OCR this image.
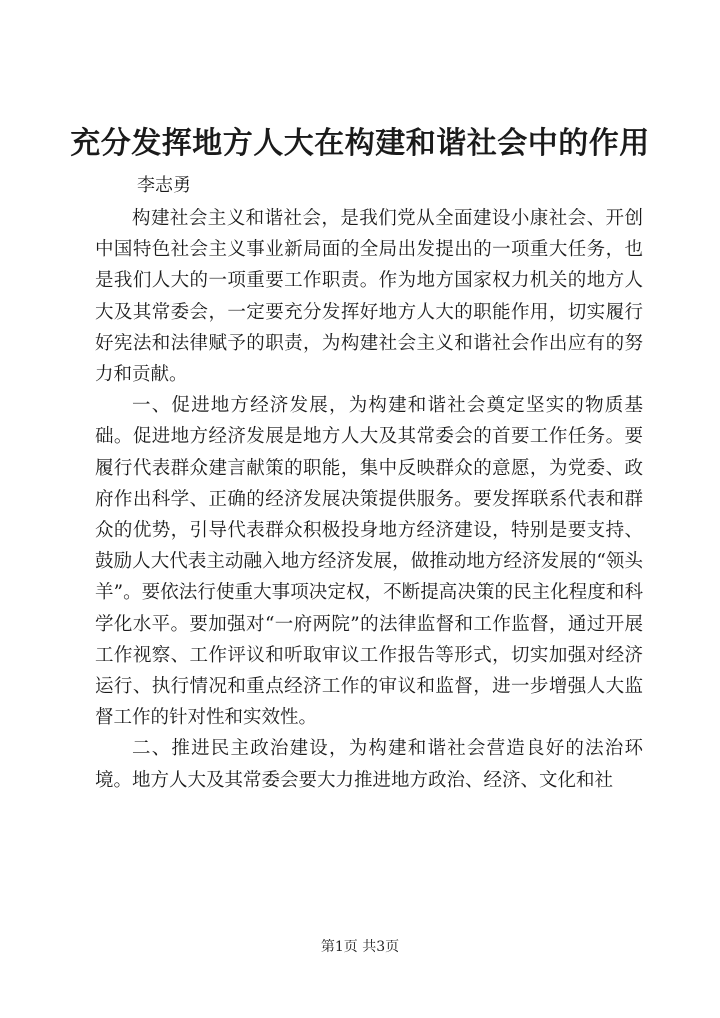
充分发挥地方人大在构建和谐社会中的作用
李志勇

构建社会主义和谐社会，是我们党从全面建设小康社会、开创中国特色社会主义事业新局面的全局出发提出的一项重大任务，也是我们人大的一项重要工作职责。作为地方国家权力机关的地方人大及其常委会，一定要充分发挥好地方人大的职能作用，切实履行好宪法和法律赋予的职责，为构建社会主义和谐社会作出应有的努力和贡献。

一、促进地方经济发展，为构建和谐社会奠定坚实的物质基础。促进地方经济发展是地方人大及其常委会的首要工作任务。要履行代表群众建言献策的职能，集中反映群众的意愿，为党委、政府作出科学、正确的经济发展决策提供服务。要发挥联系代表和群众的优势，引导代表群众积极投身地方经济建设，特别是要支持、鼓励人大代表主动融入地方经济发展，做推动地方经济发展的“领头羊”。要依法行使重大事项决定权，不断提高决策的民主化程度和科学化水平。要加强对“一府两院”的法律监督和工作监督，通过开展工作视察、工作评议和听取审议工作报告等形式，切实加强对经济运行、执行情况和重点经济工作的审议和监督，进一步增强人大监督工作的针对性和实效性。

二、推进民主政治建设，为构建和谐社会营造良好的法治环境。地方人大及其常委会要大力推进地方政治、经济、文化和社

第1页 共3页
